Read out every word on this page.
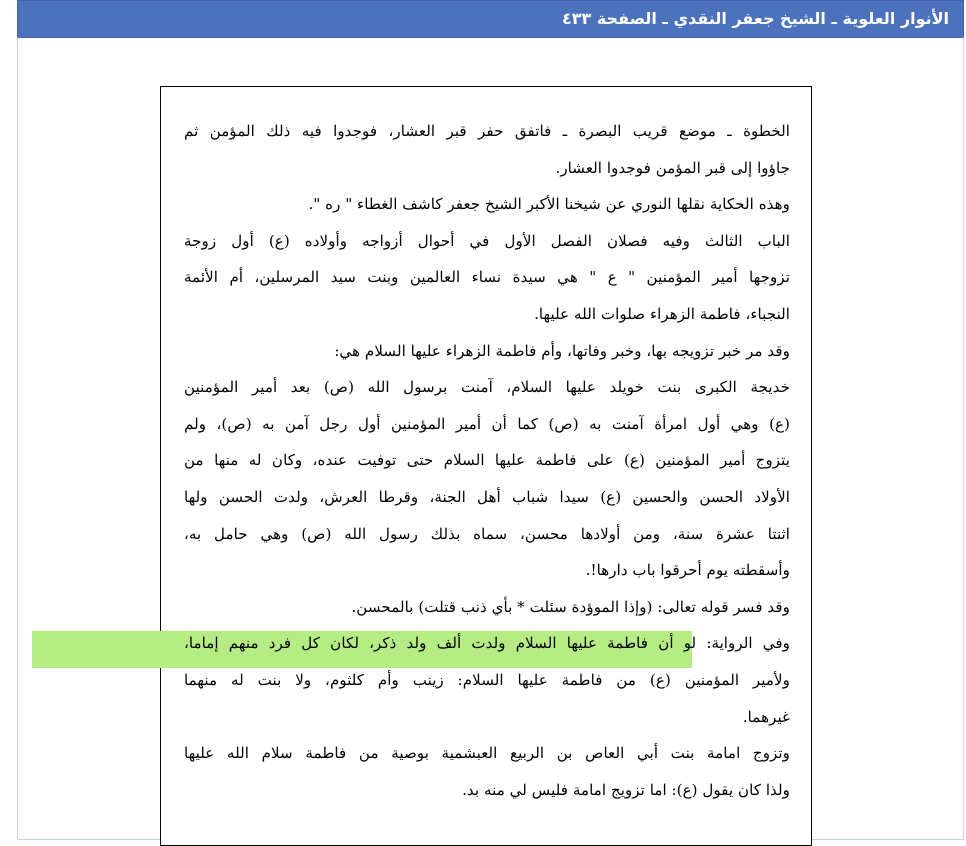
الأنوار العلوية ـ الشيخ جعفر النقدي ـ الصفحة ٤٣٣
الخطوة ـ موضع قريب البصرة ـ فاتفق حفر قبر العشار، فوجدوا فيه ذلك المؤمن ثم
جاؤوا إلى قبر المؤمن فوجدوا العشار.
وهذه الحكاية نقلها النوري عن شيخنا الأكبر الشيخ جعفر كاشف الغطاء " ره ".
الباب الثالث وفيه فصلان الفصل الأول في أحوال أزواجه وأولاده (ع) أول زوجة
تزوجها أمير المؤمنين " ع " هي سيدة نساء العالمين وبنت سيد المرسلين، أم الأئمة
النجباء، فاطمة الزهراء صلوات الله عليها.
وقد مر خبر تزويجه بها، وخبر وفاتها، وأم فاطمة الزهراء عليها السلام هي:
خديجة الكبرى بنت خويلد عليها السلام، آمنت برسول الله (ص) بعد أمير المؤمنين
(ع) وهي أول امرأة آمنت به (ص) كما أن أمير المؤمنين أول رجل آمن به (ص)، ولم
يتزوج أمير المؤمنين (ع) على فاطمة عليها السلام حتى توفيت عنده، وكان له منها من
الأولاد الحسن والحسين (ع) سيدا شباب أهل الجنة، وقرطا العرش، ولدت الحسن ولها
اثنتا عشرة سنة، ومن أولادها محسن، سماه بذلك رسول الله (ص) وهي حامل به،
وأسقطته يوم أحرقوا باب دارها!.
وقد فسر قوله تعالى: (وإذا الموؤدة سئلت * بأي ذنب قتلت) بالمحسن.
وفي الرواية: لو أن فاطمة عليها السلام ولدت ألف ولد ذكر، لكان كل فرد منهم إماما،
ولأمير المؤمنين (ع) من فاطمة عليها السلام: زينب وأم كلثوم، ولا بنت له منهما
غيرهما.
وتزوج امامة بنت أبي العاص بن الربيع العبشمية بوصية من فاطمة سلام الله عليها
ولذا كان يقول (ع): اما تزويج امامة فليس لي منه بد.
